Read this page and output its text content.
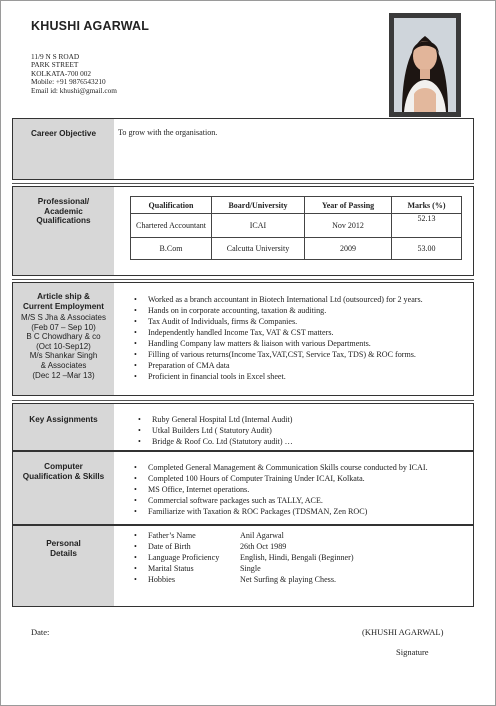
KHUSHI AGARWAL
11/9 N S ROAD
PARK STREET
KOLKATA-700 002
Mobile: +91 9876543210
Email id: khushi@gmail.com
Career Objective	To grow with the organisation.
Professional/
Academic
Qualifications
Qualification	Board/University	Year of Passing	Marks (%)
Chartered Accountant	ICAI	Nov 2012	52.13
B.Com	Calcutta University	2009	53.00
Article ship &
Current Employment
M/S S Jha & Associates
(Feb 07 – Sep 10)
B C Chowdhary & co
(Oct 10-Sep12)
M/s Shankar Singh & Associates
(Dec 12 –Mar 13)
• Worked as a branch accountant in Biotech International Ltd (outsourced) for 2 years.
• Hands on in corporate accounting, taxation & auditing.
• Tax Audit of Individuals, firms & Companies.
• Independently handled Income Tax, VAT & CST matters.
• Handling Company law matters & liaison with various Departments.
• Filling of various returns(Income Tax,VAT,CST, Service Tax, TDS) & ROC forms.
• Preparation of CMA data
• Proficient in financial tools in Excel sheet.
Key Assignments	• Ruby General Hospital Ltd (Internal Audit)
• Utkal Builders Ltd ( Statutory Audit)
• Bridge & Roof Co. Ltd (Statutory audit) …
Computer
Qualification & Skills
• Completed General Management & Communication Skills course conducted by ICAI.
• Completed 100 Hours of Computer Training Under ICAI, Kolkata.
• MS Office, Internet operations.
• Commercial software packages such as TALLY, ACE.
• Familiarize with Taxation & ROC Packages (TDSMAN, Zen ROC)
Personal
Details
• Father’s Name	Anil Agarwal
• Date of Birth	26th Oct 1989
• Language Proficiency	English, Hindi, Bengali (Beginner)
• Marital Status	Single
• Hobbies	Net Surfing & playing Chess.
Date:	(KHUSHI AGARWAL)
Signature
